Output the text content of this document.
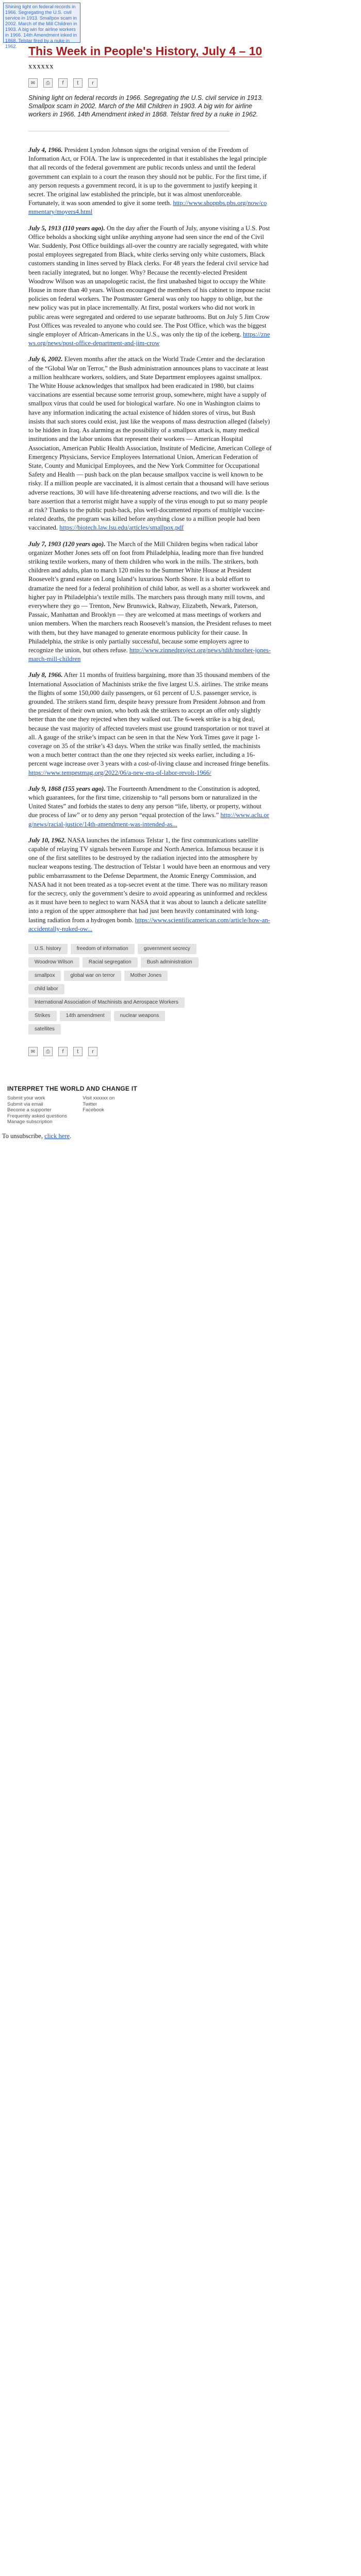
Shining light on federal records in 1966. Segregating the U.S. civil service in 1913. Smallpox scam in 2002. March of the Mill Children in 1903. A big win for airline workers in 1966. 14th Amendment inked in 1868. Telstar fired by a nuke in 1962. This Week in People's History, July 4 – 10
XXXXXX
✉	⎙	f	t	r

Shining light on federal records in 1966. Segregating the U.S. civil service in 1913. Smallpox scam in 2002. March of the Mill Children in 1903. A big win for airline workers in 1966. 14th Amendment inked in 1868. Telstar fired by a nuke in 1962.

July 4, 1966. President Lyndon Johnson signs the original version of the Freedom of Information Act, or FOIA. The law is unprecedented in that it establishes the legal principle that all records of the federal government are public records unless and until the federal government can explain to a court the reason they should not be public. For the first time, if any person requests a government record, it is up to the government to justify keeping it secret. The original law established the principle, but it was almost unenforceable. Fortunately, it was soon amended to give it some teeth. http://www.shoppbs.pbs.org/now/commentary/moyers4.html

July 5, 1913 (110 years ago). On the day after the Fourth of July, anyone visiting a U.S. Post Office beholds a shocking sight unlike anything anyone had seen since the end of the Civil War. Suddenly, Post Office buildings all-over the country are racially segregated, with white postal employees segregated from Black, white clerks serving only white customers, Black customers standing in lines served by Black clerks. For 48 years the federal civil service had been racially integrated, but no longer. Why? Because the recently-elected President Woodrow Wilson was an unapologetic racist, the first unabashed bigot to occupy the White House in more than 40 years. Wilson encouraged the members of his cabinet to impose racist policies on federal workers. The Postmaster General was only too happy to oblige, but the new policy was put in place incrementally. At first, postal workers who did not work in public areas were segregated and ordered to use separate bathrooms. But on July 5 Jim Crow Post Offices was revealed to anyone who could see. The Post Office, which was the biggest single employer of African-Americans in the U.S., was only the tip of the iceberg. https://znews.org/news/post-office-department-and-jim-crow

July 6, 2002. Eleven months after the attack on the World Trade Center and the declaration of the “Global War on Terror,” the Bush administration announces plans to vaccinate at least a million healthcare workers, soldiers, and State Department employees against smallpox. The White House acknowledges that smallpox had been eradicated in 1980, but claims vaccinations are essential because some terrorist group, somewhere, might have a supply of smallpox virus that could be used for biological warfare. No one in Washington claims to have any information indicating the actual existence of hidden stores of virus, but Bush insists that such stores could exist, just like the weapons of mass destruction alleged (falsely) to be hidden in Iraq. As alarming as the possibility of a smallpox attack is, many medical institutions and the labor unions that represent their workers — American Hospital Association, American Public Health Association, Institute of Medicine, American College of Emergency Physicians, Service Employees International Union, American Federation of State, County and Municipal Employees, and the New York Committee for Occupational Safety and Health — push back on the plan because smallpox vaccine is well known to be risky. If a million people are vaccinated, it is almost certain that a thousand will have serious adverse reactions, 30 will have life-threatening adverse reactions, and two will die. Is the bare assertion that a terrorist might have a supply of the virus enough to put so many people at risk? Thanks to the public push-back, plus well-documented reports of multiple vaccine-related deaths, the program was killed before anything close to a million people had been vaccinated. https://biotech.law.lsu.edu/articles/smallpox.pdf

July 7, 1903 (120 years ago). The March of the Mill Children begins when radical labor organizer Mother Jones sets off on foot from Philadelphia, leading more than five hundred striking textile workers, many of them children who work in the mills. The strikers, both children and adults, plan to march 120 miles to the Summer White House at President Roosevelt’s grand estate on Long Island’s luxurious North Shore. It is a bold effort to dramatize the need for a federal prohibition of child labor, as well as a shorter workweek and higher pay in Philadelphia’s textile mills. The marchers pass through many mill towns, and everywhere they go — Trenton, New Brunswick, Rahway, Elizabeth, Newark, Paterson, Passaic, Manhattan and Brooklyn — they are welcomed at mass meetings of workers and union members. When the marchers reach Roosevelt’s mansion, the President refuses to meet with them, but they have managed to generate enormous publicity for their cause. In Philadelphia, the strike is only partially successful, because some employers agree to recognize the union, but others refuse. http://www.zinnedproject.org/news/tdih/mother-jones-march-mill-children

July 8, 1966. After 11 months of fruitless bargaining, more than 35 thousand members of the International Association of Machinists strike the five largest U.S. airlines. The strike means the flights of some 150,000 daily passengers, or 61 percent of U.S. passenger service, is grounded. The strikers stand firm, despite heavy pressure from President Johnson and from the president of their own union, who both ask the strikers to accept an offer only slightly better than the one they rejected when they walked out. The 6-week strike is a big deal, because the vast majority of affected travelers must use ground transportation or not travel at all. A gauge of the strike’s impact can be seen in that the New York Times gave it page 1-coverage on 35 of the strike’s 43 days. When the strike was finally settled, the machinists won a much better contract than the one they rejected six weeks earlier, including a 16-percent wage increase over 3 years with a cost-of-living clause and increased fringe benefits. https://www.tempestmag.org/2022/06/a-new-era-of-labor-revolt-1966/

July 9, 1868 (155 years ago). The Fourteenth Amendment to the Constitution is adopted, which guarantees, for the first time, citizenship to “all persons born or naturalized in the United States” and forbids the states to deny any person “life, liberty, or property, without due process of law” or to deny any person “equal protection of the laws.” http://www.aclu.org/news/racial-justice/14th-amendment-was-intended-as...

July 10, 1962. NASA launches the infamous Telstar 1, the first communications satellite capable of relaying TV signals between Europe and North America. Infamous because it is one of the first satellites to be destroyed by the radiation injected into the atmosphere by nuclear weapons testing. The destruction of Telstar 1 would have been an enormous and very public embarrassment to the Defense Department, the Atomic Energy Commission, and NASA had it not been treated as a top-secret event at the time. There was no military reason for the secrecy, only the government’s desire to avoid appearing as uninformed and reckless as it must have been to neglect to warn NASA that it was about to launch a delicate satellite into a region of the upper atmosphere that had just been heavily contaminated with long-lasting radiation from a hydrogen bomb. https://www.scientificamerican.com/article/how-an-accidentally-nuked-ow...

U.S. history	freedom of information	government secrecy
Woodrow Wilson	Racial segregation	Bush administration
smallpox	global war on terror	Mother Jones
child labor
International Association of Machinists and Aerospace Workers
Strikes	14th amendment	nuclear weapons
satellites
✉	⎙	f	t	r
INTERPRET THE WORLD AND CHANGE IT
Submit your work
Submit via email
Become a supporter
Frequently asked questions
Manage subscription
Visit xxxxxx on
Twitter
Facebook
To unsubscribe, click here.
